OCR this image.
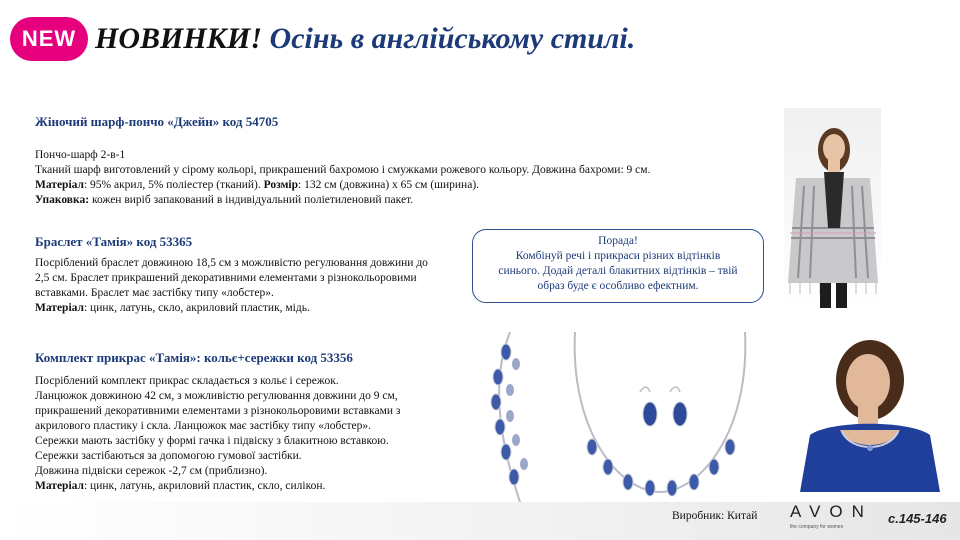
NEW НОВИНКИ! Осінь в англійському стилі.
Жіночий шарф-пончо «Джейн» код 54705

Пончо-шарф 2-в-1

Тканий шарф виготовлений у сірому кольорі, прикрашений бахромою і смужками рожевого кольору. Довжина бахроми: 9 см.

Матеріал: 95% акрил, 5% поліестер (тканий). Розмір: 132 см (довжина) х 65 см (ширина).

Упаковка: кожен виріб запакований в індивідуальний поліетиленовий пакет.

Браслет «Тамія» код 53365

Посріблений браслет довжиною 18,5 см з можливістю регулювання довжини до 2,5 см. Браслет прикрашений декоративними елементами з різнокольоровими вставками. Браслет має застібку типу «лобстер».

Матеріал: цинк, латунь, скло, акриловий пластик, мідь.

Порада!

Комбінуй речі і прикраси різних відтінків

синього. Додай деталі блакитних відтінків – твій

образ буде є особливо ефектним.

Комплект прикрас «Тамія»: кольє+сережки код 53356

Посріблений комплект прикрас складається з кольє і сережок.

Ланцюжок довжиною 42 см, з можливістю регулювання довжини до 9 см,

прикрашений декоративними елементами з різнокольоровими вставками з

акрилового пластику і скла. Ланцюжок має застібку типу «лобстер».

Сережки мають застібку у формі гачка і підвіску з блакитною вставкою.

Сережки застібаються за допомогою гумової застібки.

Довжина підвіски сережок -2,7 см (приблизно).

Матеріал: цинк, латунь, акриловий пластик, скло, силікон.

Виробник: Китай AVON
the company for women
с.145-146
